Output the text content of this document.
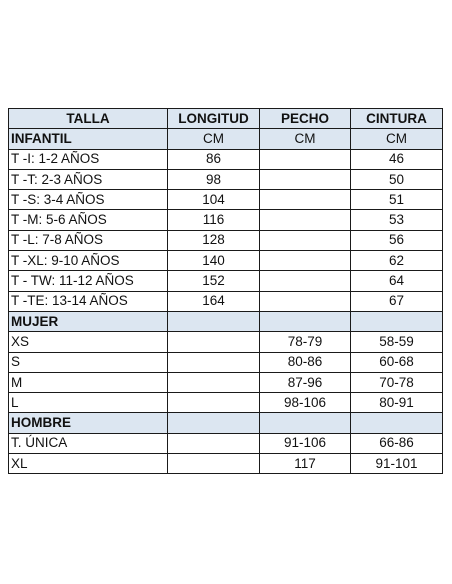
TALLA	LONGITUD	PECHO	CINTURA
INFANTIL	CM	CM	CM
T -I: 1-2 AÑOS	86		46
T -T: 2-3 AÑOS	98		50
T -S: 3-4 AÑOS	104		51
T -M: 5-6 AÑOS	116		53
T -L: 7-8 AÑOS	128		56
T -XL: 9-10 AÑOS	140		62
T - TW: 11-12 AÑOS	152		64
T -TE: 13-14 AÑOS	164		67
MUJER			
XS		78-79	58-59
S		80-86	60-68
M		87-96	70-78
L		98-106	80-91
HOMBRE			
T. ÚNICA		91-106	66-86
XL		117	91-101
